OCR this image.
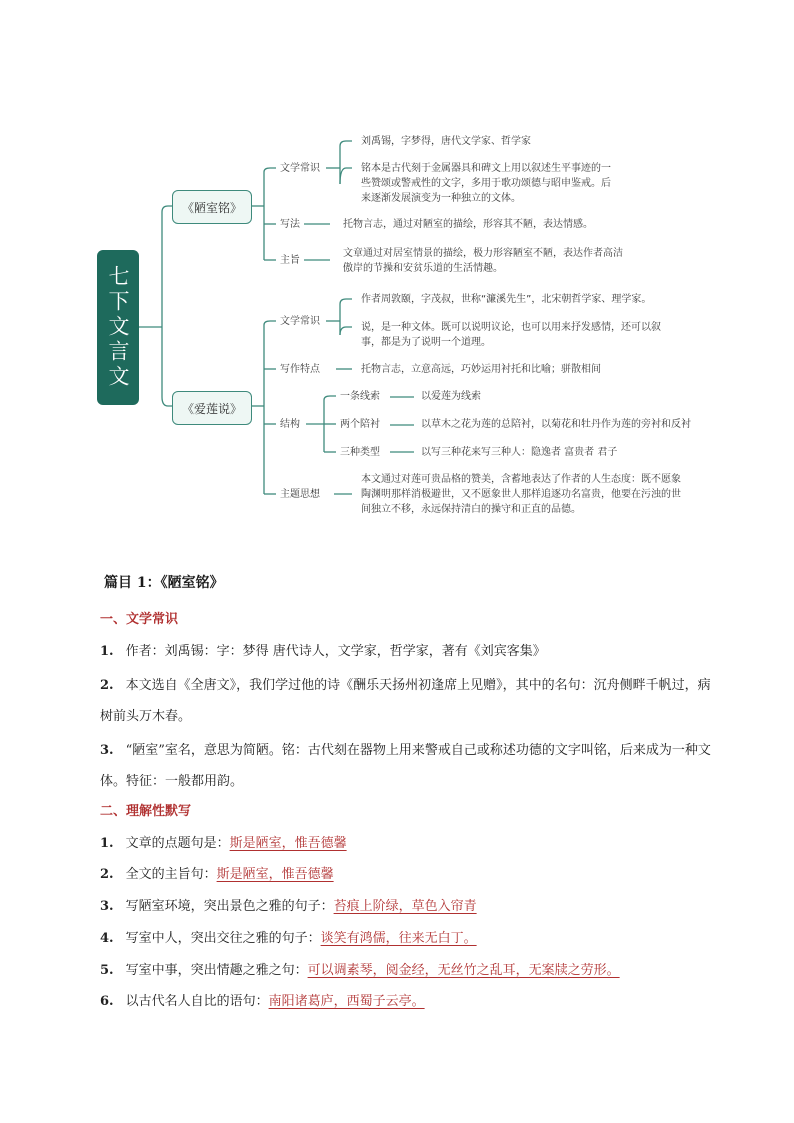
七下文言文
《陋室铭》
《爱莲说》
文学常识
写法
主旨
刘禹锡，字梦得，唐代文学家、哲学家
铭本是古代刻于金属器具和碑文上用以叙述生平事迹的一些赞颂或警戒性的文字，多用于歌功颂德与昭申鉴戒。后来逐渐发展演变为一种独立的文体。
托物言志，通过对陋室的描绘，形容其不陋，表达情感。
文章通过对居室情景的描绘，极力形容陋室不陋，表达作者高洁傲岸的节操和安贫乐道的生活情趣。
文学常识
写作特点
结构
主题思想
作者周敦颐，字茂叔，世称“濂溪先生”，北宋朝哲学家、理学家。
说，是一种文体。既可以说明议论，也可以用来抒发感情，还可以叙事，都是为了说明一个道理。
托物言志，立意高远，巧妙运用衬托和比喻；骈散相间
一条线索	以爱莲为线索
两个陪衬	以草木之花为莲的总陪衬，以菊花和牡丹作为莲的旁衬和反衬
三种类型	以写三种花来写三种人：隐逸者 富贵者 君子
本文通过对莲可贵品格的赞美，含蓄地表达了作者的人生态度：既不愿象陶渊明那样消极避世，又不愿象世人那样追逐功名富贵，他要在污浊的世间独立不移，永远保持清白的操守和正直的品德。
篇目 1：《陋室铭》
一、文学常识
1. 作者：刘禹锡：字：梦得 唐代诗人，文学家，哲学家，著有《刘宾客集》
2. 本文选自《全唐文》，我们学过他的诗《酬乐天扬州初逢席上见赠》，其中的名句：沉舟侧畔千帆过，病树前头万木春。
3. “陋室”室名，意思为简陋。铭：古代刻在器物上用来警戒自己或称述功德的文字叫铭，后来成为一种文体。特征：一般都用韵。
二、理解性默写
1. 文章的点题句是：斯是陋室，惟吾德馨
2. 全文的主旨句：斯是陋室，惟吾德馨
3. 写陋室环境，突出景色之雅的句子：苔痕上阶绿，草色入帘青
4. 写室中人，突出交往之雅的句子：谈笑有鸿儒，往来无白丁。
5. 写室中事，突出情趣之雅之句：可以调素琴，阅金经，无丝竹之乱耳，无案牍之劳形。
6. 以古代名人自比的语句：南阳诸葛庐，西蜀子云亭。
